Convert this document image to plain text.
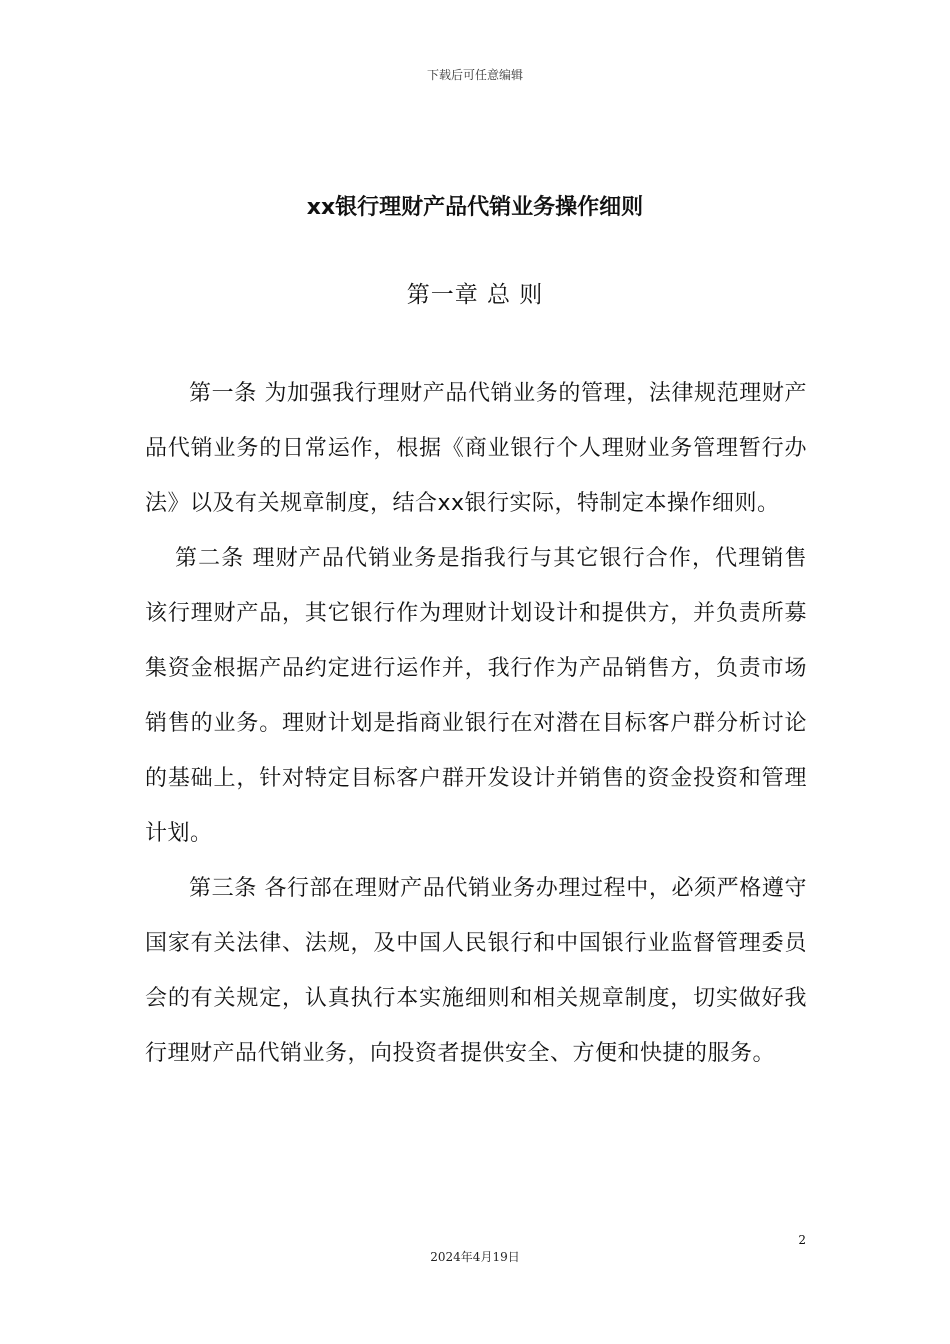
下载后可任意编辑
xx银行理财产品代销业务操作细则
第一章 总 则

第一条 为加强我行理财产品代销业务的管理，法律规范理财产品代销业务的日常运作，根据《商业银行个人理财业务管理暂行办法》以及有关规章制度，结合xx银行实际，特制定本操作细则。

第二条 理财产品代销业务是指我行与其它银行合作，代理销售该行理财产品，其它银行作为理财计划设计和提供方，并负责所募集资金根据产品约定进行运作并，我行作为产品销售方，负责市场销售的业务。理财计划是指商业银行在对潜在目标客户群分析讨论的基础上，针对特定目标客户群开发设计并销售的资金投资和管理计划。

第三条 各行部在理财产品代销业务办理过程中，必须严格遵守国家有关法律、法规，及中国人民银行和中国银行业监督管理委员会的有关规定，认真执行本实施细则和相关规章制度，切实做好我行理财产品代销业务，向投资者提供安全、方便和快捷的服务。

2
2024年4月19日
